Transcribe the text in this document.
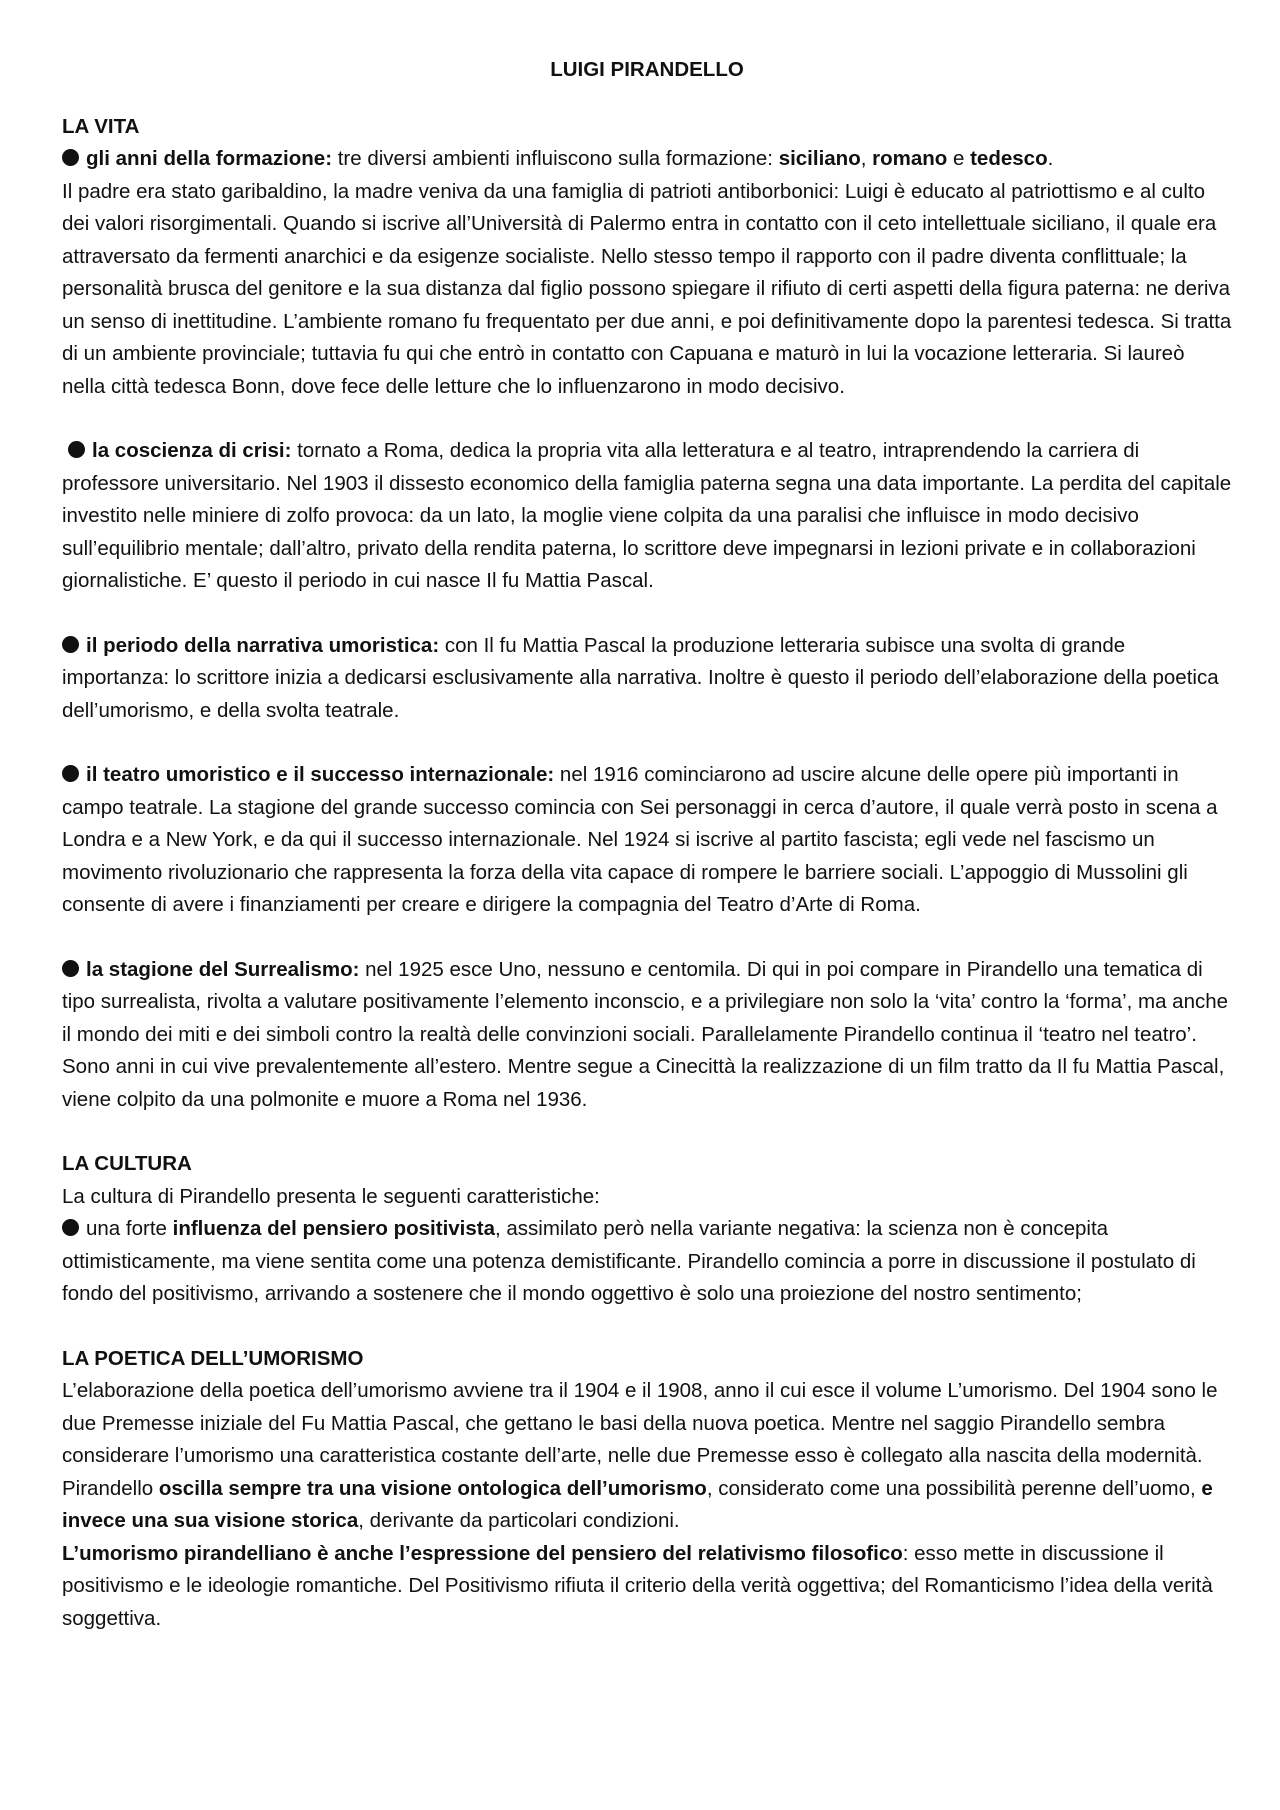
LUIGI PIRANDELLO
LA VITA

gli anni della formazione: tre diversi ambienti influiscono sulla formazione: siciliano, romano e tedesco.

Il padre era stato garibaldino, la madre veniva da una famiglia di patrioti antiborbonici: Luigi è educato al patriottismo e al culto dei valori risorgimentali. Quando si iscrive all’Università di Palermo entra in contatto con il ceto intellettuale siciliano, il quale era attraversato da fermenti anarchici e da esigenze socialiste. Nello stesso tempo il rapporto con il padre diventa conflittuale; la personalità brusca del genitore e la sua distanza dal figlio possono spiegare il rifiuto di certi aspetti della figura paterna: ne deriva un senso di inettitudine. L’ambiente romano fu frequentato per due anni, e poi definitivamente dopo la parentesi tedesca. Si tratta di un ambiente provinciale; tuttavia fu qui che entrò in contatto con Capuana e maturò in lui la vocazione letteraria. Si laureò nella città tedesca Bonn, dove fece delle letture che lo influenzarono in modo decisivo.

la coscienza di crisi: tornato a Roma, dedica la propria vita alla letteratura e al teatro, intraprendendo la carriera di professore universitario. Nel 1903 il dissesto economico della famiglia paterna segna una data importante. La perdita del capitale investito nelle miniere di zolfo provoca: da un lato, la moglie viene colpita da una paralisi che influisce in modo decisivo sull’equilibrio mentale; dall’altro, privato della rendita paterna, lo scrittore deve impegnarsi in lezioni private e in collaborazioni giornalistiche. E’ questo il periodo in cui nasce Il fu Mattia Pascal.

il periodo della narrativa umoristica: con Il fu Mattia Pascal la produzione letteraria subisce una svolta di grande importanza: lo scrittore inizia a dedicarsi esclusivamente alla narrativa. Inoltre è questo il periodo dell’elaborazione della poetica dell’umorismo, e della svolta teatrale.

il teatro umoristico e il successo internazionale: nel 1916 cominciarono ad uscire alcune delle opere più importanti in campo teatrale. La stagione del grande successo comincia con Sei personaggi in cerca d’autore, il quale verrà posto in scena a Londra e a New York, e da qui il successo internazionale. Nel 1924 si iscrive al partito fascista; egli vede nel fascismo un movimento rivoluzionario che rappresenta la forza della vita capace di rompere le barriere sociali. L’appoggio di Mussolini gli consente di avere i finanziamenti per creare e dirigere la compagnia del Teatro d’Arte di Roma.

la stagione del Surrealismo: nel 1925 esce Uno, nessuno e centomila. Di qui in poi compare in Pirandello una tematica di tipo surrealista, rivolta a valutare positivamente l’elemento inconscio, e a privilegiare non solo la ‘vita’ contro la ‘forma’, ma anche il mondo dei miti e dei simboli contro la realtà delle convinzioni sociali. Parallelamente Pirandello continua il ‘teatro nel teatro’. Sono anni in cui vive prevalentemente all’estero. Mentre segue a Cinecittà la realizzazione di un film tratto da Il fu Mattia Pascal, viene colpito da una polmonite e muore a Roma nel 1936.

LA CULTURA

La cultura di Pirandello presenta le seguenti caratteristiche:

una forte influenza del pensiero positivista, assimilato però nella variante negativa: la scienza non è concepita ottimisticamente, ma viene sentita come una potenza demistificante. Pirandello comincia a porre in discussione il postulato di fondo del positivismo, arrivando a sostenere che il mondo oggettivo è solo una proiezione del nostro sentimento;

LA POETICA DELL’UMORISMO

L’elaborazione della poetica dell’umorismo avviene tra il 1904 e il 1908, anno il cui esce il volume L’umorismo. Del 1904 sono le due Premesse iniziale del Fu Mattia Pascal, che gettano le basi della nuova poetica. Mentre nel saggio Pirandello sembra considerare l’umorismo una caratteristica costante dell’arte, nelle due Premesse esso è collegato alla nascita della modernità. Pirandello oscilla sempre tra una visione ontologica dell’umorismo, considerato come una possibilità perenne dell’uomo, e invece una sua visione storica, derivante da particolari condizioni.

L’umorismo pirandelliano è anche l’espressione del pensiero del relativismo filosofico: esso mette in discussione il positivismo e le ideologie romantiche. Del Positivismo rifiuta il criterio della verità oggettiva; del Romanticismo l’idea della verità soggettiva.
